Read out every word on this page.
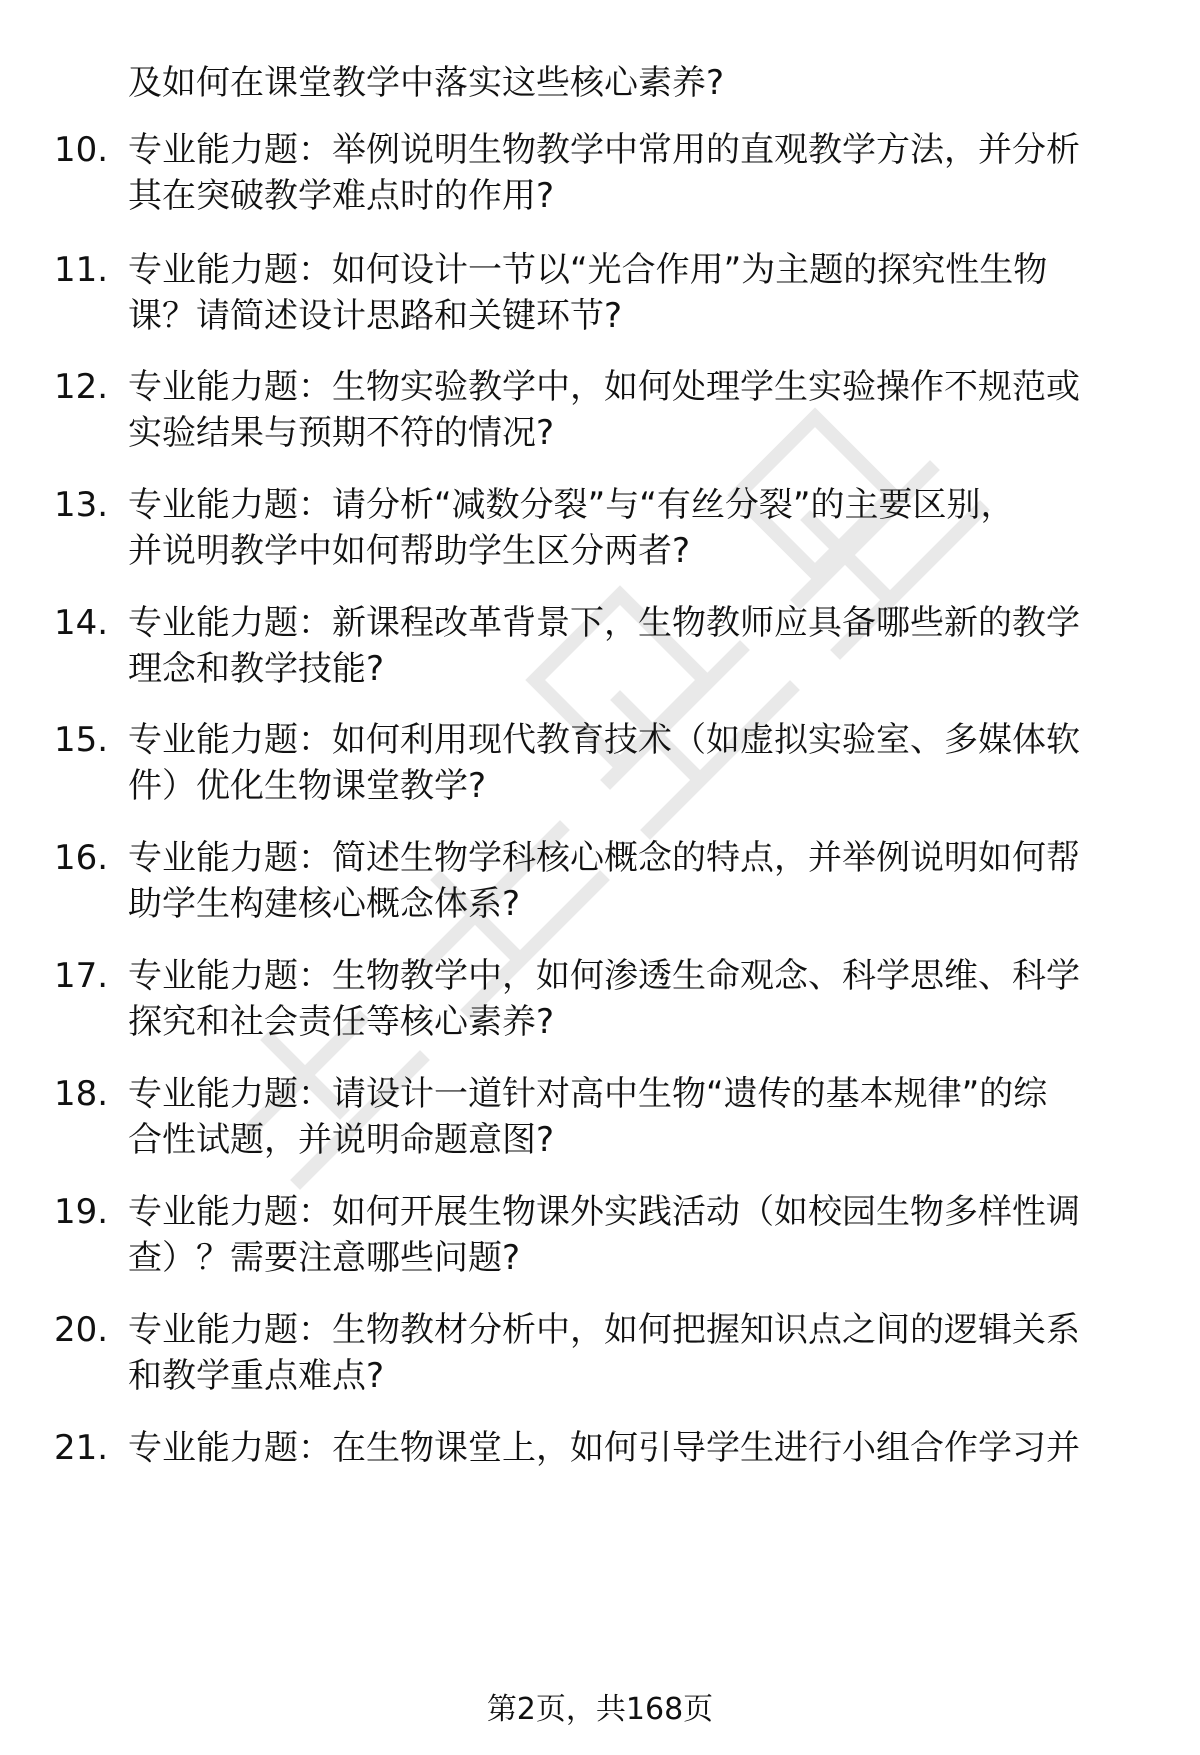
及如何在课堂教学中落实这些核心素养?

10. 专业能力题：举例说明生物教学中常用的直观教学方法，并分析
其在突破教学难点时的作用?
11. 专业能力题：如何设计一节以“光合作用”为主题的探究性生物
课？请简述设计思路和关键环节?
12. 专业能力题：生物实验教学中，如何处理学生实验操作不规范或
实验结果与预期不符的情况?
13. 专业能力题：请分析“减数分裂”与“有丝分裂”的主要区别，
并说明教学中如何帮助学生区分两者?
14. 专业能力题：新课程改革背景下，生物教师应具备哪些新的教学
理念和教学技能?
15. 专业能力题：如何利用现代教育技术（如虚拟实验室、多媒体软
件）优化生物课堂教学?
16. 专业能力题：简述生物学科核心概念的特点，并举例说明如何帮
助学生构建核心概念体系?
17. 专业能力题：生物教学中，如何渗透生命观念、科学思维、科学
探究和社会责任等核心素养?
18. 专业能力题：请设计一道针对高中生物“遗传的基本规律”的综
合性试题，并说明命题意图?
19. 专业能力题：如何开展生物课外实践活动（如校园生物多样性调
查）？需要注意哪些问题?
20. 专业能力题：生物教材分析中，如何把握知识点之间的逻辑关系
和教学重点难点?
21. 专业能力题：在生物课堂上，如何引导学生进行小组合作学习并
第2页，共168页
